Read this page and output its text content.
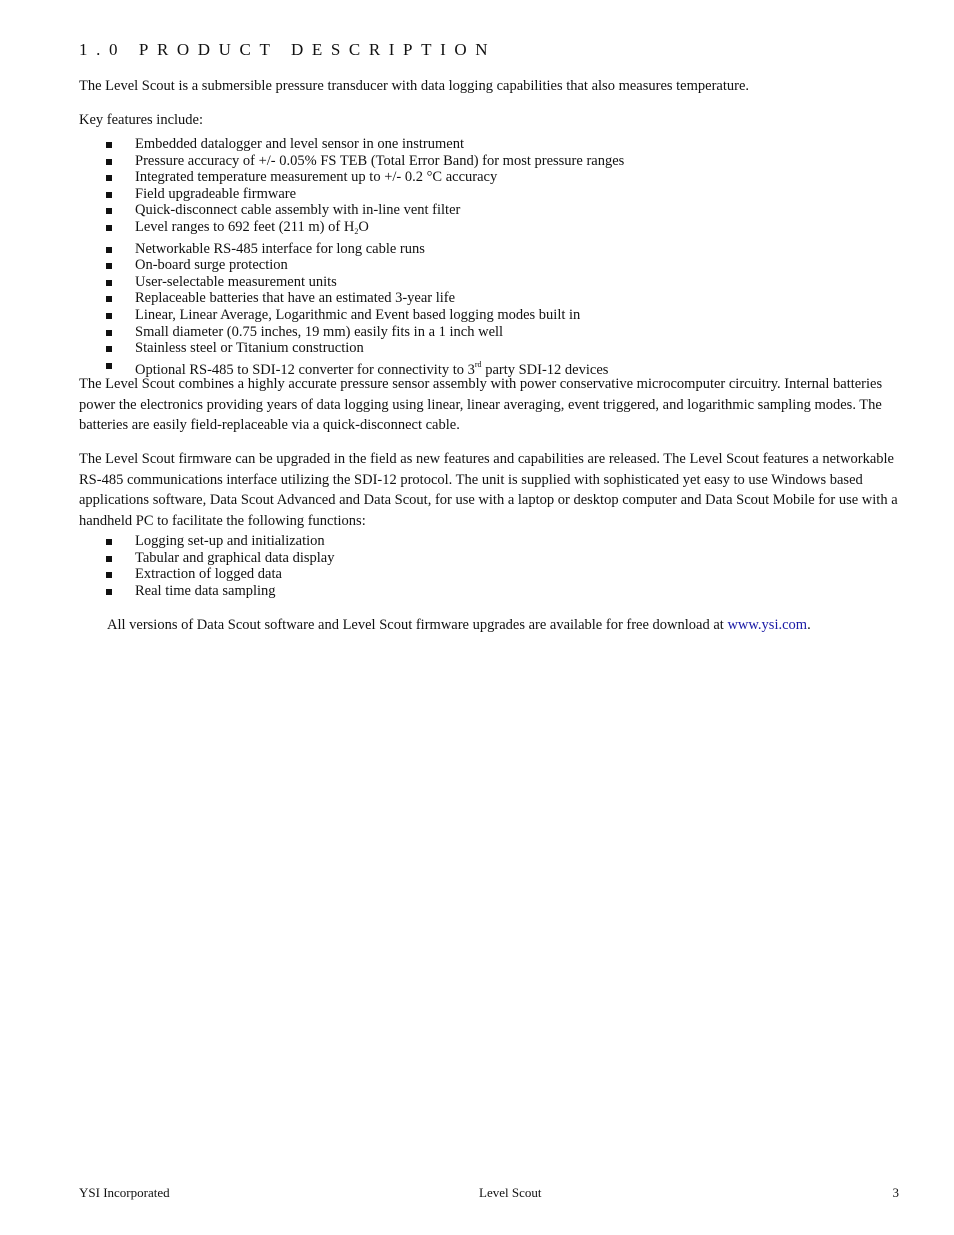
1.0 PRODUCT DESCRIPTION

The Level Scout is a submersible pressure transducer with data logging capabilities that also measures temperature.

Key features include:

Embedded datalogger and level sensor in one instrument
Pressure accuracy of +/- 0.05% FS TEB (Total Error Band) for most pressure ranges
Integrated temperature measurement up to +/- 0.2 °C accuracy
Field upgradeable firmware
Quick-disconnect cable assembly with in-line vent filter
Level ranges to 692 feet (211 m) of $H_2O$
Networkable RS-485 interface for long cable runs
On-board surge protection
User-selectable measurement units
Replaceable batteries that have an estimated 3-year life
Linear, Linear Average, Logarithmic and Event based logging modes built in
Small diameter (0.75 inches, 19 mm) easily fits in a 1 inch well
Stainless steel or Titanium construction
Optional RS-485 to SDI-12 converter for connectivity to 3rd party SDI-12 devices

The Level Scout combines a highly accurate pressure sensor assembly with power conservative microcomputer circuitry. Internal batteries power the electronics providing years of data logging using linear, linear averaging, event triggered, and logarithmic sampling modes. The batteries are easily field-replaceable via a quick-disconnect cable.

The Level Scout firmware can be upgraded in the field as new features and capabilities are released. The Level Scout features a networkable RS-485 communications interface utilizing the SDI-12 protocol. The unit is supplied with sophisticated yet easy to use Windows based applications software, Data Scout Advanced and Data Scout, for use with a laptop or desktop computer and Data Scout Mobile for use with a handheld PC to facilitate the following functions:

Logging set-up and initialization
Tabular and graphical data display
Extraction of logged data
Real time data sampling

All versions of Data Scout software and Level Scout firmware upgrades are available for free download at www.ysi.com.

YSI Incorporated	Level Scout	3
